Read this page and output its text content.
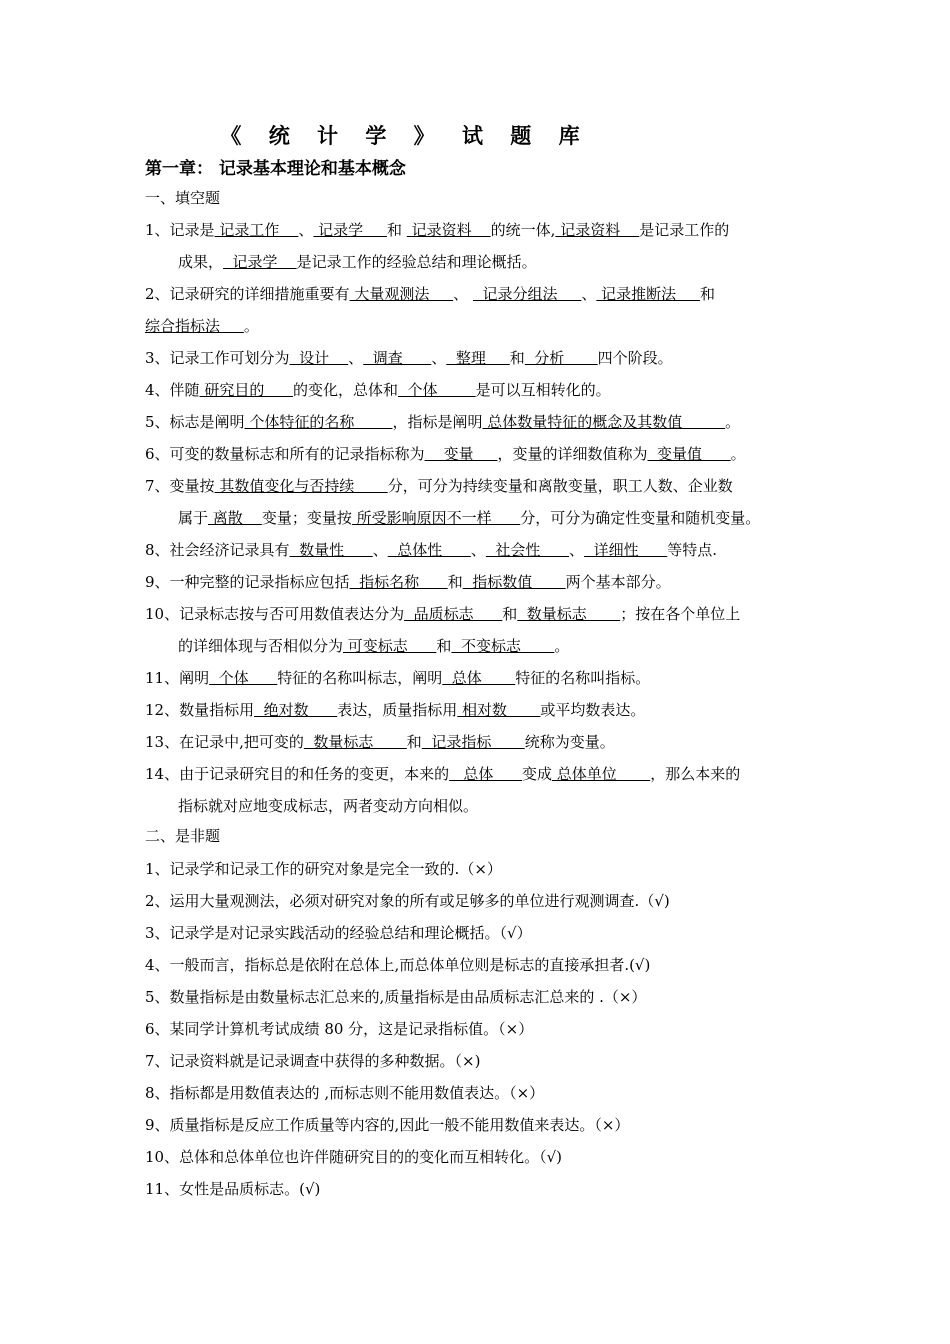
《 统 计 学 》 试 题 库
第一章： 记录基本理论和基本概念
一、填空题
1、记录是 记录工作    、 记录学     和  记录资料    的统一体, 记录资料    是记录工作的
成果，  记录学    是记录工作的经验总结和理论概括。
2、记录研究的详细措施重要有 大量观测法     、   记录分组法     、 记录推断法     和
综合指标法     。
3、记录工作可划分为  设计    、  调查      、  整理     和  分析       四个阶段。
4、伴随 研究目的      的变化，总体和  个体        是可以互相转化的。
5、标志是阐明 个体特征的名称        ，指标是阐明 总体数量特征的概念及其数值         。
6、可变的数量标志和所有的记录指标称为    变量     ，变量的详细数值称为  变量值      。
7、变量按 其数值变化与否持续       分，可分为持续变量和离散变量，职工人数、企业数
属于 离散    变量；变量按 所受影响原因不一样      分，可分为确定性变量和随机变量。
8、社会经济记录具有  数量性      、  总体性      、  社会性      、  详细性      等特点.
9、一种完整的记录指标应包括  指标名称      和  指标数值       两个基本部分。
10、记录标志按与否可用数值表达分为  品质标志      和  数量标志       ；按在各个单位上
的详细体现与否相似分为 可变标志      和  不变标志       。
11、阐明  个体      特征的名称叫标志，阐明  总体       特征的名称叫指标。
12、数量指标用  绝对数      表达，质量指标用 相对数       或平均数表达。
13、在记录中,把可变的  数量标志       和  记录指标       统称为变量。
14、由于记录研究目的和任务的变更，本来的   总体      变成 总体单位       ，那么本来的
指标就对应地变成标志，两者变动方向相似。
二、是非题
1、记录学和记录工作的研究对象是完全一致的.（×）
2、运用大量观测法，必须对研究对象的所有或足够多的单位进行观测调查.（√)
3、记录学是对记录实践活动的经验总结和理论概括。（√）
4、一般而言，指标总是依附在总体上,而总体单位则是标志的直接承担者.(√)
5、数量指标是由数量标志汇总来的,质量指标是由品质标志汇总来的 .（×）
6、某同学计算机考试成绩 80 分，这是记录指标值。（×）
7、记录资料就是记录调查中获得的多种数据。（×)
8、指标都是用数值表达的 ,而标志则不能用数值表达。（×）
9、质量指标是反应工作质量等内容的,因此一般不能用数值来表达。（×）
10、总体和总体单位也许伴随研究目的的变化而互相转化。（√)
11、女性是品质标志。(√)
